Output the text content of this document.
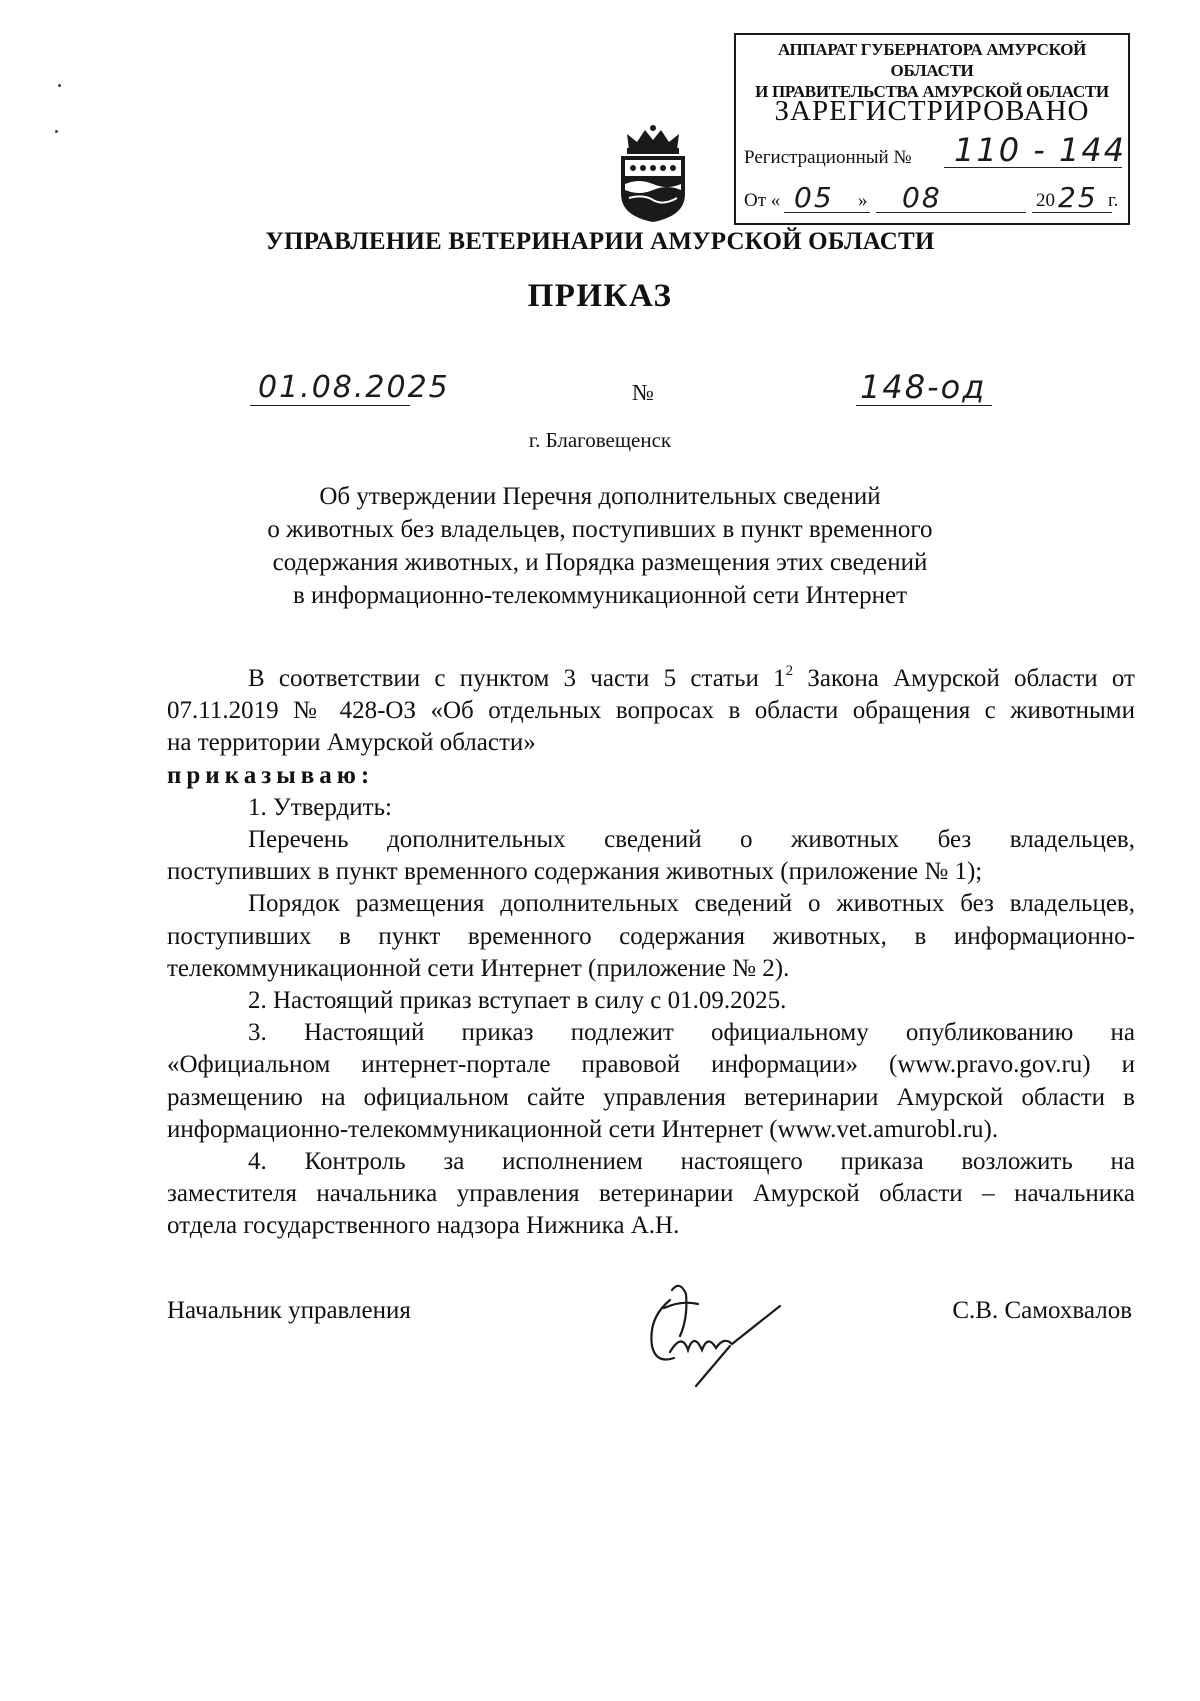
АППАРАТ ГУБЕРНАТОРА АМУРСКОЙ ОБЛАСТИ
И ПРАВИТЕЛЬСТВА АМУРСКОЙ ОБЛАСТИ
ЗАРЕГИСТРИРОВАНО
Регистрационный № 110 - 144
От « 05 » 08	20 25 г.
УПРАВЛЕНИЕ ВЕТЕРИНАРИИ АМУРСКОЙ ОБЛАСТИ
ПРИКАЗ
01.08.2025	№	148-од
г. Благовещенск
Об утверждении Перечня дополнительных сведений
о животных без владельцев, поступивших в пункт временного
содержания животных, и Порядка размещения этих сведений
в информационно-телекоммуникационной сети Интернет

В соответствии с пунктом 3 части 5 статьи $1^2$ Закона Амурской области от

07.11.2019 № 428-ОЗ «Об отдельных вопросах в области обращения с животными

на территории Амурской области»

приказываю:

1. Утвердить:

Перечень дополнительных сведений о животных без владельцев,

поступивших в пункт временного содержания животных (приложение № 1);

Порядок размещения дополнительных сведений о животных без владельцев,

поступивших в пункт временного содержания животных, в информационно-

телекоммуникационной сети Интернет (приложение № 2).

2. Настоящий приказ вступает в силу с 01.09.2025.

3. Настоящий приказ подлежит официальному опубликованию на

«Официальном интернет-портале правовой информации» (www.pravo.gov.ru) и

размещению на официальном сайте управления ветеринарии Амурской области в

информационно-телекоммуникационной сети Интернет (www.vet.amurobl.ru).

4. Контроль за исполнением настоящего приказа возложить на

заместителя начальника управления ветеринарии Амурской области – начальника

отдела государственного надзора Нижника А.Н.

Начальник управления	С.В. Самохвалов
